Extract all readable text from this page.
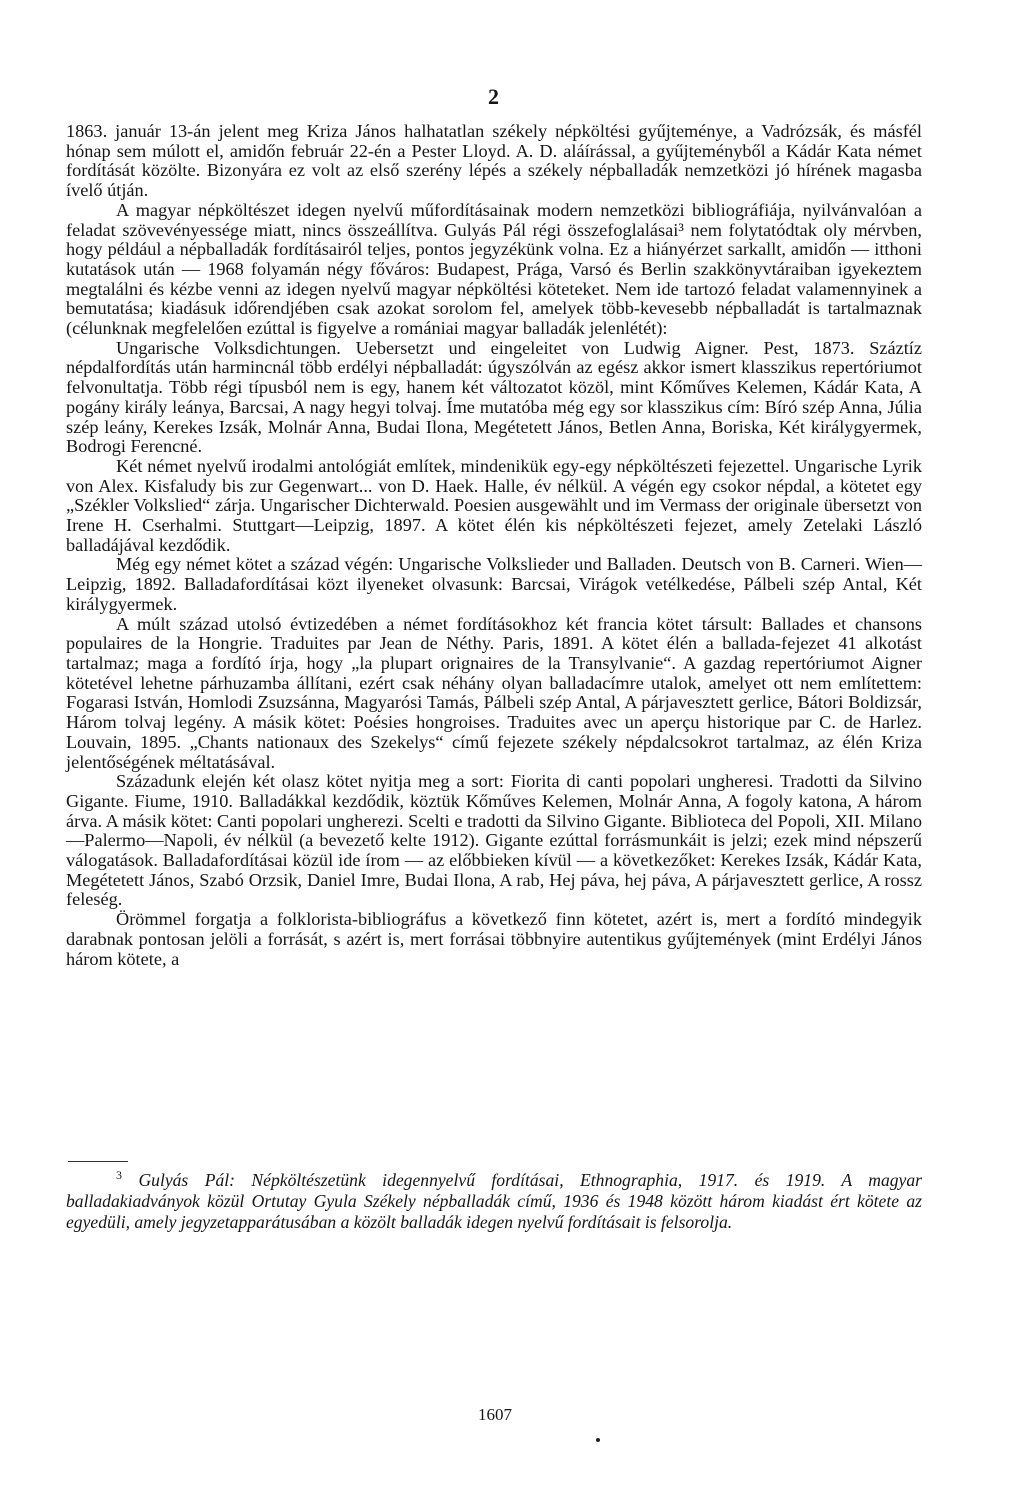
2

1863. január 13-án jelent meg Kriza János halhatatlan székely népköltési gyűjteménye, a Vadrózsák, és másfél hónap sem múlott el, amidőn február 22-én a Pester Lloyd. A. D. aláírással, a gyűjteményből a Kádár Kata német fordítását közölte. Bizonyára ez volt az első szerény lépés a székely népballadák nemzetközi jó hírének magasba ívelő útján.

A magyar népköltészet idegen nyelvű műfordításainak modern nemzetközi bibliográfiája, nyilvánvalóan a feladat szövevényessége miatt, nincs összeállítva. Gulyás Pál régi összefoglalásai³ nem folytatódtak oly mérvben, hogy például a népballadák fordításairól teljes, pontos jegyzékünk volna. Ez a hiányérzet sarkallt, amidőn — itthoni kutatások után — 1968 folyamán négy főváros: Budapest, Prága, Varsó és Berlin szakkönyvtáraiban igyekeztem megtalálni és kézbe venni az idegen nyelvű magyar népköltési köteteket. Nem ide tartozó feladat valamennyinek a bemutatása; kiadásuk időrendjében csak azokat sorolom fel, amelyek több-kevesebb népballadát is tartalmaznak (célunknak megfelelően ezúttal is figyelve a romániai magyar balladák jelenlétét):

Ungarische Volksdichtungen. Uebersetzt und eingeleitet von Ludwig Aigner. Pest, 1873. Száztíz népdalfordítás után harmincnál több erdélyi népballadát: úgyszólván az egész akkor ismert klasszikus repertóriumot felvonultatja. Több régi típusból nem is egy, hanem két változatot közöl, mint Kőműves Kelemen, Kádár Kata, A pogány király leánya, Barcsai, A nagy hegyi tolvaj. Íme mutatóba még egy sor klasszikus cím: Bíró szép Anna, Júlia szép leány, Kerekes Izsák, Molnár Anna, Budai Ilona, Megétetett János, Betlen Anna, Boriska, Két királygyermek, Bodrogi Ferencné.

Két német nyelvű irodalmi antológiát említek, mindenikük egy-egy népköltészeti fejezettel. Ungarische Lyrik von Alex. Kisfaludy bis zur Gegenwart... von D. Haek. Halle, év nélkül. A végén egy csokor népdal, a kötetet egy „Székler Volkslied“ zárja. Ungarischer Dichterwald. Poesien ausgewählt und im Vermass der originale übersetzt von Irene H. Cserhalmi. Stuttgart—Leipzig, 1897. A kötet élén kis népköltészeti fejezet, amely Zetelaki László balladájával kezdődik.

Még egy német kötet a század végén: Ungarische Volkslieder und Balladen. Deutsch von B. Carneri. Wien—Leipzig, 1892. Balladafordításai közt ilyeneket olvasunk: Barcsai, Virágok vetélkedése, Pálbeli szép Antal, Két királygyermek.

A múlt század utolsó évtizedében a német fordításokhoz két francia kötet társult: Ballades et chansons populaires de la Hongrie. Traduites par Jean de Néthy. Paris, 1891. A kötet élén a ballada-fejezet 41 alkotást tartalmaz; maga a fordító írja, hogy „la plupart orignaires de la Transylvanie“. A gazdag repertóriumot Aigner kötetével lehetne párhuzamba állítani, ezért csak néhány olyan balladacímre utalok, amelyet ott nem említettem: Fogarasi István, Homlodi Zsuzsánna, Magyarósi Tamás, Pálbeli szép Antal, A párjavesztett gerlice, Bátori Boldizsár, Három tolvaj legény. A másik kötet: Poésies hongroises. Traduites avec un aperçu historique par C. de Harlez. Louvain, 1895. „Chants nationaux des Szekelys“ című fejezete székely népdalcsokrot tartalmaz, az élén Kriza jelentőségének méltatásával.

Századunk elején két olasz kötet nyitja meg a sort: Fiorita di canti popolari ungheresi. Tradotti da Silvino Gigante. Fiume, 1910. Balladákkal kezdődik, köztük Kőműves Kelemen, Molnár Anna, A fogoly katona, A három árva. A másik kötet: Canti popolari ungherezi. Scelti e tradotti da Silvino Gigante. Biblioteca del Popoli, XII. Milano—Palermo—Napoli, év nélkül (a bevezető kelte 1912). Gigante ezúttal forrásmunkáit is jelzi; ezek mind népszerű válogatások. Balladafordításai közül ide írom — az előbbieken kívül — a következőket: Kerekes Izsák, Kádár Kata, Megétetett János, Szabó Orzsik, Daniel Imre, Budai Ilona, A rab, Hej páva, hej páva, A párjavesztett gerlice, A rossz feleség.

Örömmel forgatja a folklorista-bibliográfus a következő finn kötetet, azért is, mert a fordító mindegyik darabnak pontosan jelöli a forrását, s azért is, mert forrásai többnyire autentikus gyűjtemények (mint Erdélyi János három kötete, a

$^3$ Gulyás Pál: Népköltészetünk idegennyelvű fordításai, Ethnographia, 1917. és 1919. A magyar balladakiadványok közül Ortutay Gyula Székely népballadák című, 1936 és 1948 között három kiadást ért kötete az egyedüli, amely jegyzetapparátusában a közölt balladák idegen nyelvű fordításait is felsorolja.

1607
